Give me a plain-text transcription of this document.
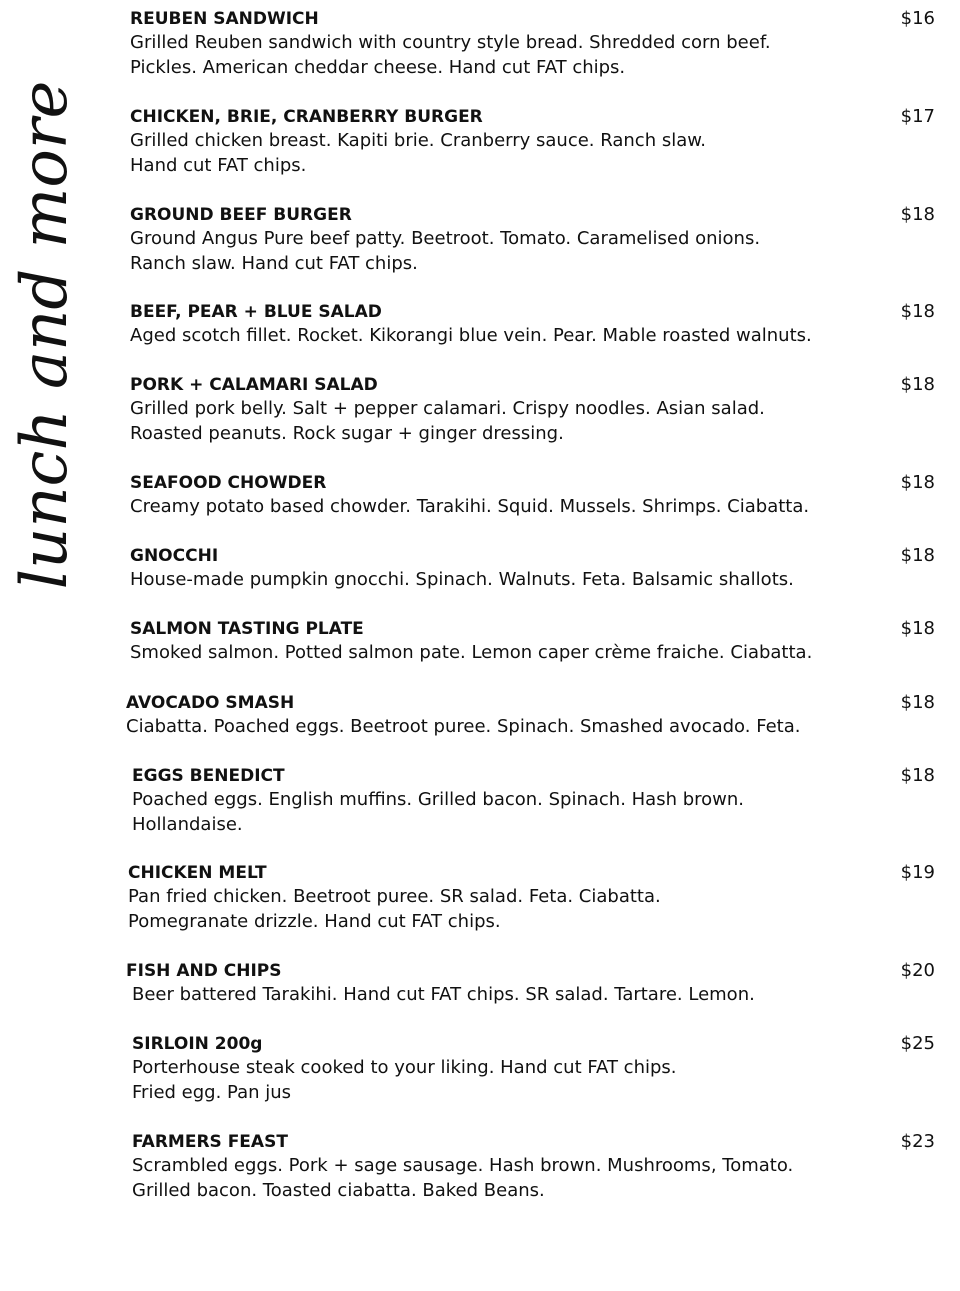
lunch and more
REUBEN SANDWICH	$16
Grilled Reuben sandwich with country style bread. Shredded corn beef.
Pickles. American cheddar cheese. Hand cut FAT chips.
CHICKEN, BRIE, CRANBERRY BURGER	$17
Grilled chicken breast. Kapiti brie. Cranberry sauce. Ranch slaw.
Hand cut FAT chips.
GROUND BEEF BURGER	$18
Ground Angus Pure beef patty. Beetroot. Tomato. Caramelised onions.
Ranch slaw. Hand cut FAT chips.
BEEF, PEAR + BLUE SALAD	$18
Aged scotch fillet. Rocket. Kikorangi blue vein. Pear. Mable roasted walnuts.
PORK + CALAMARI SALAD	$18
Grilled pork belly. Salt + pepper calamari. Crispy noodles. Asian salad.
Roasted peanuts. Rock sugar + ginger dressing.
SEAFOOD CHOWDER	$18
Creamy potato based chowder. Tarakihi. Squid. Mussels. Shrimps. Ciabatta.
GNOCCHI	$18
House-made pumpkin gnocchi. Spinach. Walnuts. Feta. Balsamic shallots.
SALMON TASTING PLATE	$18
Smoked salmon. Potted salmon pate. Lemon caper crème fraiche. Ciabatta.
AVOCADO SMASH	$18
Ciabatta. Poached eggs. Beetroot puree. Spinach. Smashed avocado. Feta.
EGGS BENEDICT	$18
Poached eggs. English muffins. Grilled bacon. Spinach. Hash brown.
Hollandaise.
CHICKEN MELT	$19
Pan fried chicken. Beetroot puree. SR salad. Feta. Ciabatta.
Pomegranate drizzle. Hand cut FAT chips.
FISH AND CHIPS	$20
Beer battered Tarakihi. Hand cut FAT chips. SR salad. Tartare. Lemon.
SIRLOIN 200g	$25
Porterhouse steak cooked to your liking. Hand cut FAT chips.
Fried egg. Pan jus
FARMERS FEAST	$23
Scrambled eggs. Pork + sage sausage. Hash brown. Mushrooms, Tomato.
Grilled bacon. Toasted ciabatta. Baked Beans.
